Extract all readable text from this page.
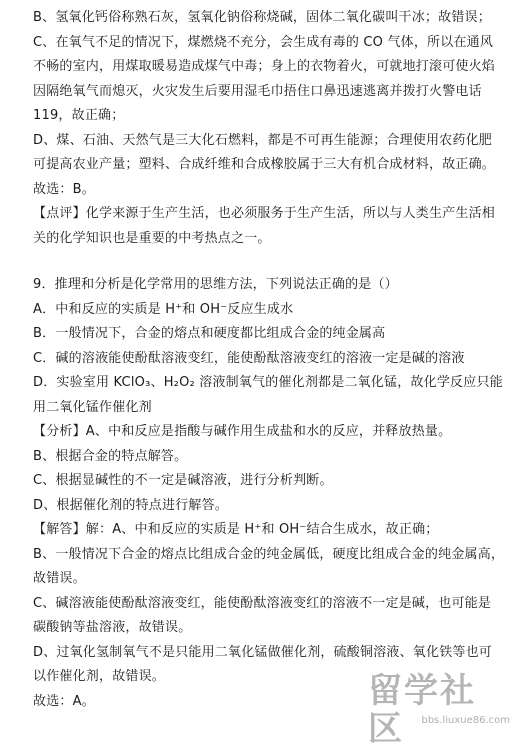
B、氢氧化钙俗称熟石灰，氢氧化钠俗称烧碱，固体二氧化碳叫干冰；故错误；
C、在氧气不足的情况下，煤燃烧不充分，会生成有毒的 CO 气体，所以在通风
不畅的室内，用煤取暖易造成煤气中毒；身上的衣物着火，可就地打滚可使火焰
因隔绝氧气而熄灭，火灾发生后要用湿毛巾捂住口鼻迅速逃离并拨打火警电话
119，故正确；
D、煤、石油、天然气是三大化石燃料，都是不可再生能源；合理使用农药化肥
可提高农业产量；塑料、合成纤维和合成橡胶属于三大有机合成材料，故正确。
故选：B。
【点评】化学来源于生产生活，也必须服务于生产生活，所以与人类生产生活相
关的化学知识也是重要的中考热点之一。
9．推理和分析是化学常用的思维方法，下列说法正确的是（）
A．中和反应的实质是 H⁺和 OH⁻反应生成水
B．一般情况下，合金的熔点和硬度都比组成合金的纯金属高
C．碱的溶液能使酚酞溶液变红，能使酚酞溶液变红的溶液一定是碱的溶液
D．实验室用 KClO₃、H₂O₂ 溶液制氧气的催化剂都是二氧化锰，故化学反应只能
用二氧化锰作催化剂
【分析】A、中和反应是指酸与碱作用生成盐和水的反应，并释放热量。
B、根据合金的特点解答。
C、根据显碱性的不一定是碱溶液，进行分析判断。
D、根据催化剂的特点进行解答。
【解答】解：A、中和反应的实质是 H⁺和 OH⁻结合生成水，故正确；
B、一般情况下合金的熔点比组成合金的纯金属低，硬度比组成合金的纯金属高，
故错误。
C、碱溶液能使酚酞溶液变红，能使酚酞溶液变红的溶液不一定是碱，也可能是
碳酸钠等盐溶液，故错误。
D、过氧化氢制氧气不是只能用二氧化锰做催化剂，硫酸铜溶液、氧化铁等也可
以作催化剂，故错误。
故选：A。	留学社区	bbs.liuxue86.com
